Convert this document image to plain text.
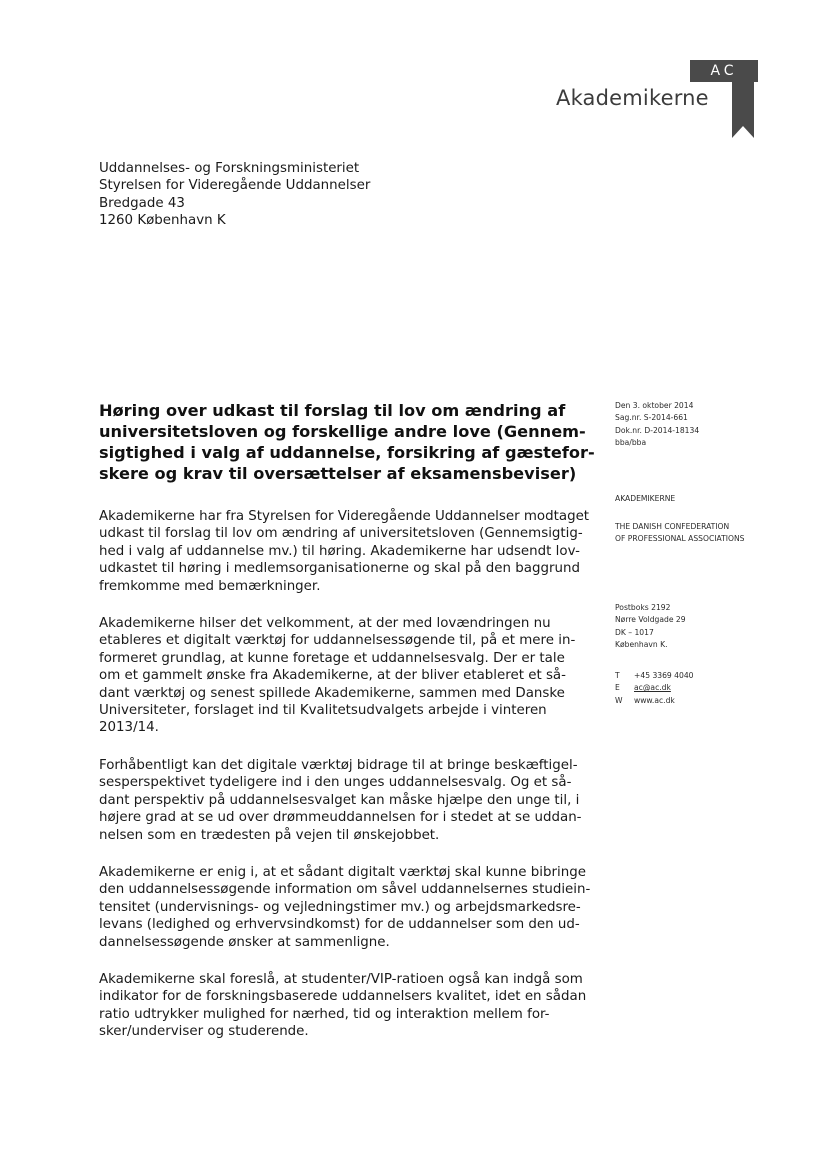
AC
Akademikerne
Uddannelses- og Forskningsministeriet
Styrelsen for Videregående Uddannelser
Bredgade 43
1260 København K
Høring over udkast til forslag til lov om ændring af
universitetsloven og forskellige andre love (Gennem-
sigtighed i valg af uddannelse, forsikring af gæstefor-
skere og krav til oversættelser af eksamensbeviser)
Den 3. oktober 2014
Sag.nr. S-2014-661
Dok.nr. D-2014-18134
bba/bba
AKADEMIKERNE
THE DANISH CONFEDERATION
OF PROFESSIONAL ASSOCIATIONS
Postboks 2192
Nørre Voldgade 29
DK – 1017
København K.
T +45 3369 4040
E ac@ac.dk
W www.ac.dk
Akademikerne har fra Styrelsen for Videregående Uddannelser modtaget
udkast til forslag til lov om ændring af universitetsloven (Gennemsigtig-
hed i valg af uddannelse mv.) til høring. Akademikerne har udsendt lov-
udkastet til høring i medlemsorganisationerne og skal på den baggrund
fremkomme med bemærkninger.
Akademikerne hilser det velkomment, at der med lovændringen nu
etableres et digitalt værktøj for uddannelsessøgende til, på et mere in-
formeret grundlag, at kunne foretage et uddannelsesvalg. Der er tale
om et gammelt ønske fra Akademikerne, at der bliver etableret et så-
dant værktøj og senest spillede Akademikerne, sammen med Danske
Universiteter, forslaget ind til Kvalitetsudvalgets arbejde i vinteren
2013/14.
Forhåbentligt kan det digitale værktøj bidrage til at bringe beskæftigel-
sesperspektivet tydeligere ind i den unges uddannelsesvalg. Og et så-
dant perspektiv på uddannelsesvalget kan måske hjælpe den unge til, i
højere grad at se ud over drømmeuddannelsen for i stedet at se uddan-
nelsen som en trædesten på vejen til ønskejobbet.
Akademikerne er enig i, at et sådant digitalt værktøj skal kunne bibringe
den uddannelsessøgende information om såvel uddannelsernes studiein-
tensitet (undervisnings- og vejledningstimer mv.) og arbejdsmarkedsre-
levans (ledighed og erhvervsindkomst) for de uddannelser som den ud-
dannelsessøgende ønsker at sammenligne.
Akademikerne skal foreslå, at studenter/VIP-ratioen også kan indgå som
indikator for de forskningsbaserede uddannelsers kvalitet, idet en sådan
ratio udtrykker mulighed for nærhed, tid og interaktion mellem for-
sker/underviser og studerende.
